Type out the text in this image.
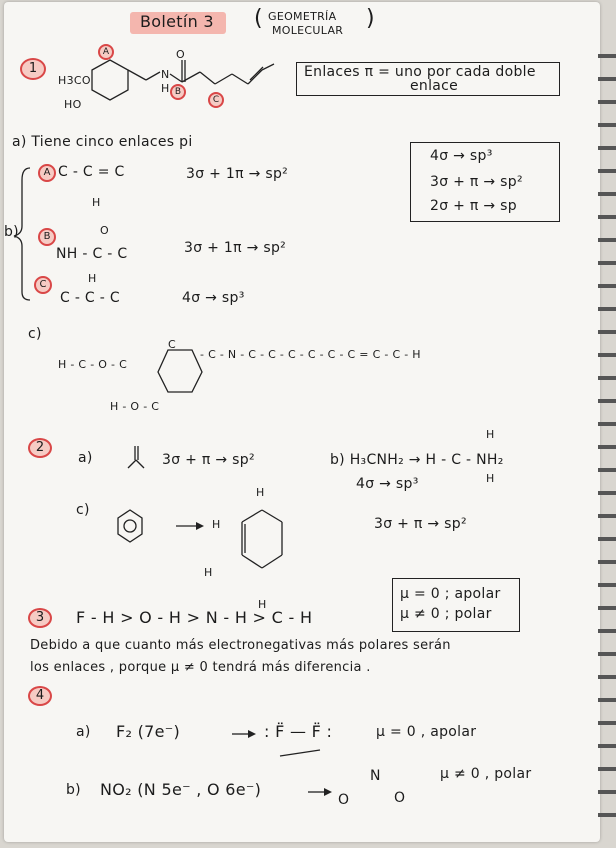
Boletín 3 ( GEOMETRÍA
MOLECULAR )
1
A	O
B
C
H3CO
HO
N
H
Enlaces π = uno por cada doble
enlace
a) Tiene cinco enlaces pi
4σ → sp³
3σ + π → sp²
2σ + π → sp
A C - C = C
H
3σ + 1π → sp²
b)	B	O
NH - C - C	3σ + 1π → sp²
C	H
C - C - C	4σ → sp³
c)
H - C - O - C
- C - N - C - C - C - C - C - C = C - C - H
H - O - C
C
2
a)	3σ + π → sp²	b) H₃CNH₂ → H - C - NH₂
H
H
4σ → sp³
c)
H
H
H
H
3σ + π → sp²
μ = 0 ; apolar
μ ≠ 0 ; polar
3	F - H > O - H > N - H > C - H
Debido a que cuanto más electronegativas más polares serán
los enlaces , porque μ ≠ 0 tendrá más diferencia .
4
a) F₂ (7e⁻)	: F̈ — F̈ :	μ = 0 , apolar
b) NO₂ (N 5e⁻ , O 6e⁻)
O
N
O
μ ≠ 0 , polar
